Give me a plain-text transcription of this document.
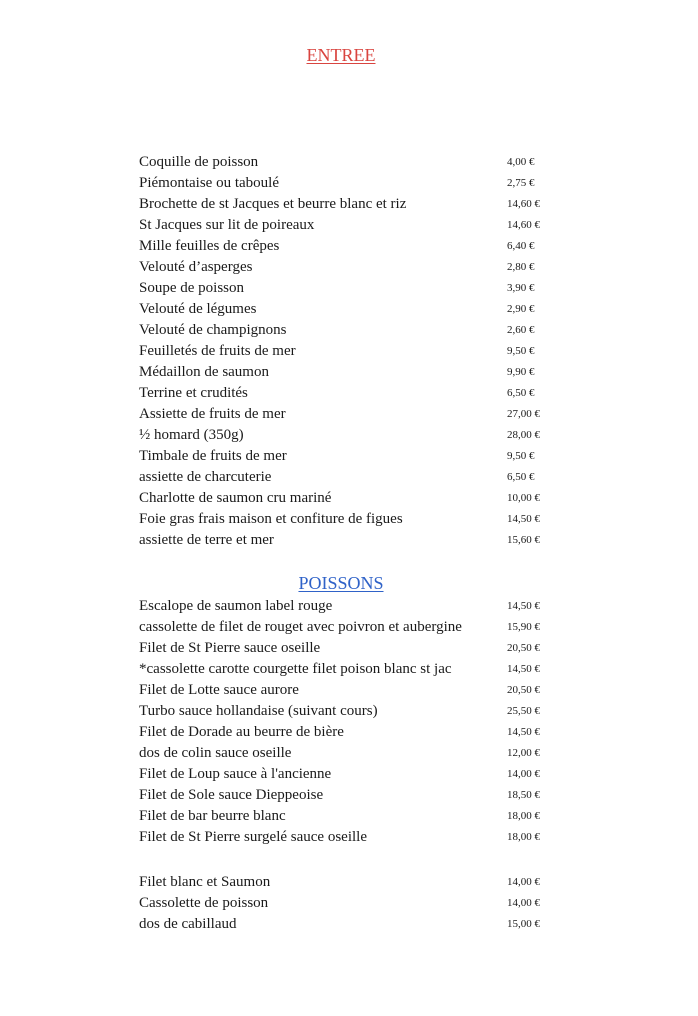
ENTREE
Coquille de poisson	4,00 €
Piémontaise ou taboulé	2,75 €
Brochette de st Jacques et beurre blanc et riz	14,60 €
St Jacques sur lit de poireaux	14,60 €
Mille feuilles de crêpes	6,40 €
Velouté d’asperges	2,80 €
Soupe de poisson	3,90 €
Velouté de légumes	2,90 €
Velouté de champignons	2,60 €
Feuilletés de fruits de mer	9,50 €
Médaillon de saumon	9,90 €
Terrine et crudités	6,50 €
Assiette de fruits de mer	27,00 €
½ homard (350g)	28,00 €
Timbale de fruits de mer	9,50 €
assiette de charcuterie	6,50 €
Charlotte de saumon cru mariné	10,00 €
Foie gras frais maison et confiture de figues	14,50 €
assiette de terre et mer	15,60 €
POISSONS
Escalope de saumon label rouge	14,50 €
cassolette de filet de rouget avec poivron et aubergine	15,90 €
Filet de St Pierre sauce oseille	20,50 €
*cassolette carotte courgette filet poison blanc st jac	14,50 €
Filet de Lotte sauce aurore	20,50 €
Turbo sauce hollandaise (suivant cours)	25,50 €
Filet de Dorade au beurre de bière	14,50 €
dos de colin sauce oseille	12,00 €
Filet de Loup sauce à l'ancienne	14,00 €
Filet de Sole sauce Dieppeoise	18,50 €
Filet de bar beurre blanc	18,00 €
Filet de St Pierre surgelé sauce oseille	18,00 €
Filet blanc et Saumon	14,00 €
Cassolette de poisson	14,00 €
dos de cabillaud	15,00 €
